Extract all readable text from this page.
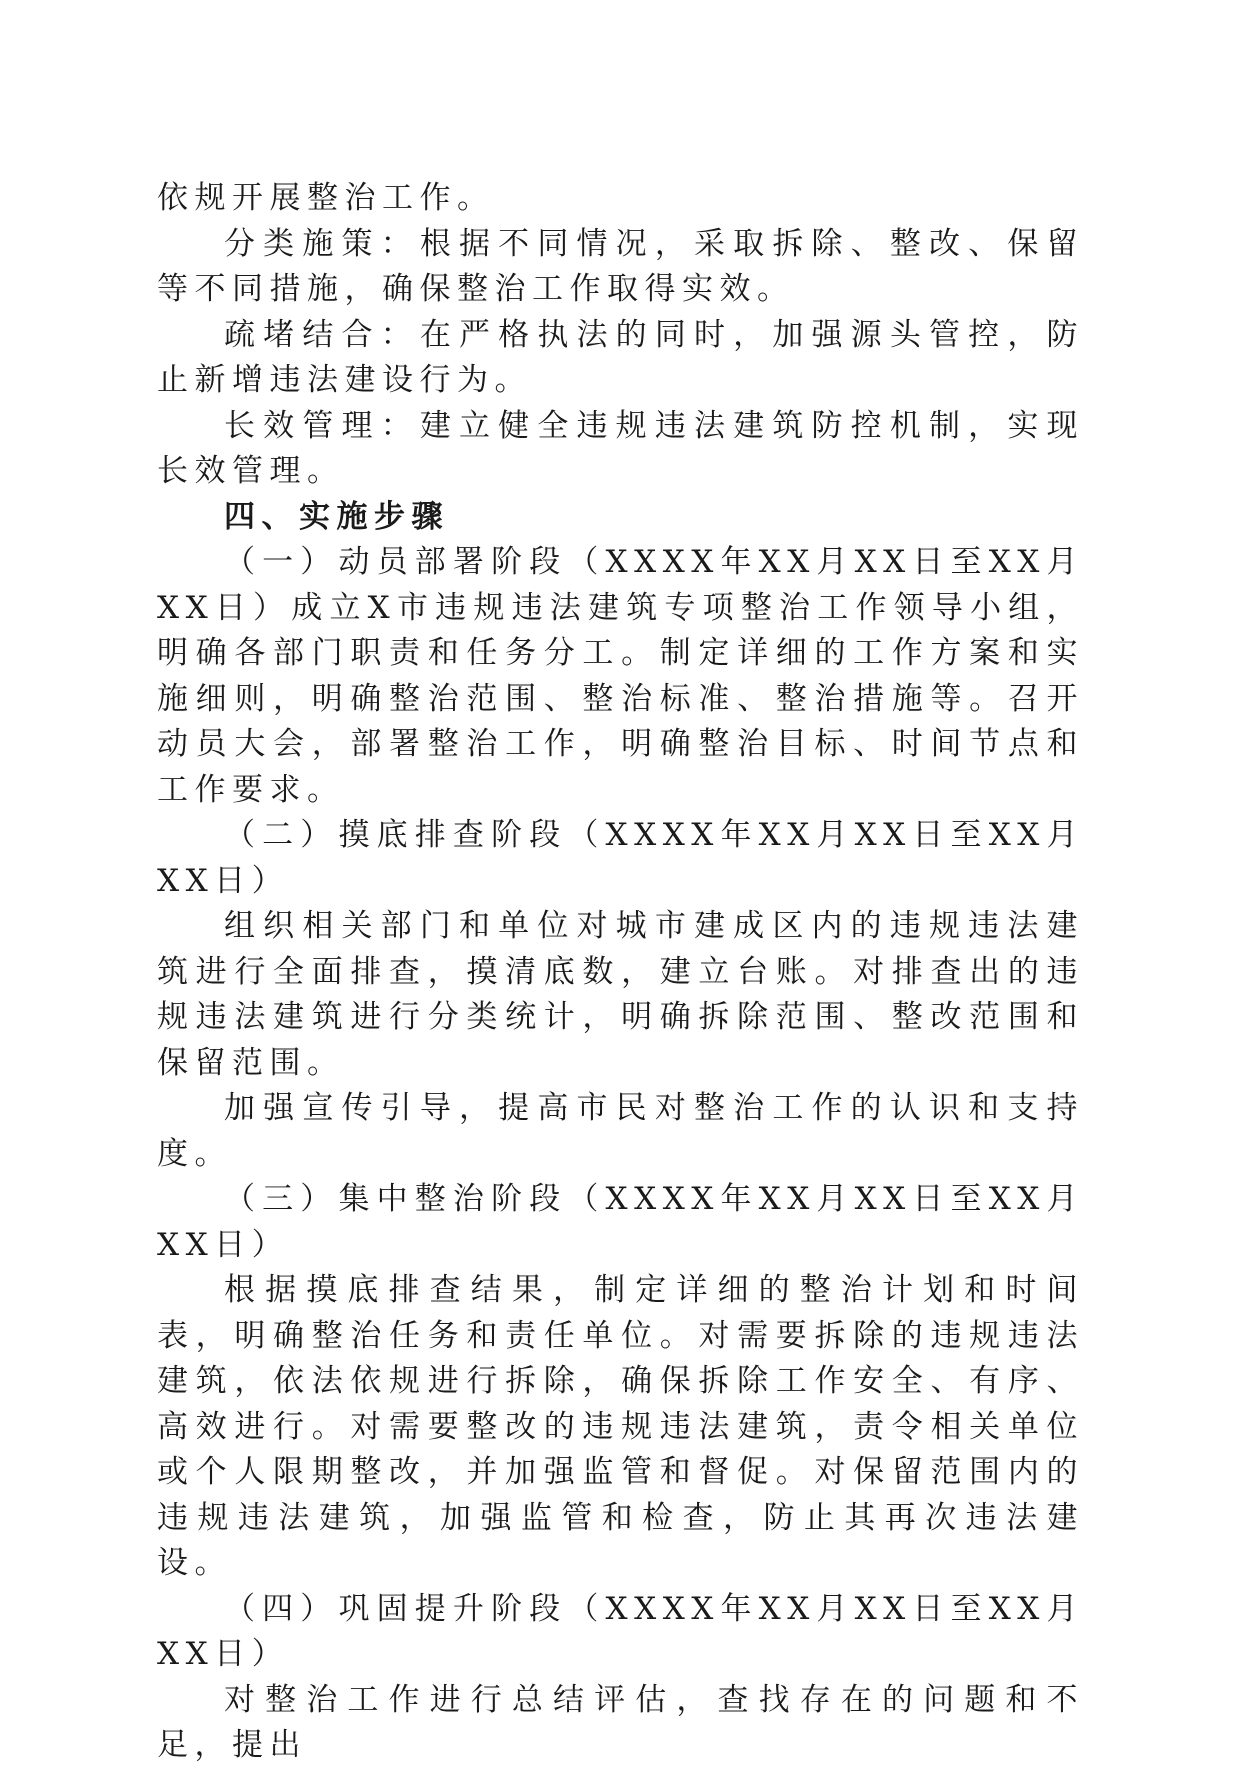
依规开展整治工作。

分类施策：根据不同情况，采取拆除、整改、保留等不同措施，确保整治工作取得实效。

疏堵结合：在严格执法的同时，加强源头管控，防止新增违法建设行为。

长效管理：建立健全违规违法建筑防控机制，实现长效管理。

四、实施步骤

（一）动员部署阶段（XXXX年XX月XX日至XX月XX日）成立X市违规违法建筑专项整治工作领导小组，明确各部门职责和任务分工。制定详细的工作方案和实施细则，明确整治范围、整治标准、整治措施等。召开动员大会，部署整治工作，明确整治目标、时间节点和工作要求。

（二）摸底排查阶段（XXXX年XX月XX日至XX月XX日）

组织相关部门和单位对城市建成区内的违规违法建筑进行全面排查，摸清底数，建立台账。对排查出的违规违法建筑进行分类统计，明确拆除范围、整改范围和保留范围。

加强宣传引导，提高市民对整治工作的认识和支持度。

（三）集中整治阶段（XXXX年XX月XX日至XX月XX日）

根据摸底排查结果，制定详细的整治计划和时间表，明确整治任务和责任单位。对需要拆除的违规违法建筑，依法依规进行拆除，确保拆除工作安全、有序、高效进行。对需要整改的违规违法建筑，责令相关单位或个人限期整改，并加强监管和督促。对保留范围内的违规违法建筑，加强监管和检查，防止其再次违法建设。

（四）巩固提升阶段（XXXX年XX月XX日至XX月XX日）

对整治工作进行总结评估，查找存在的问题和不足，提出
